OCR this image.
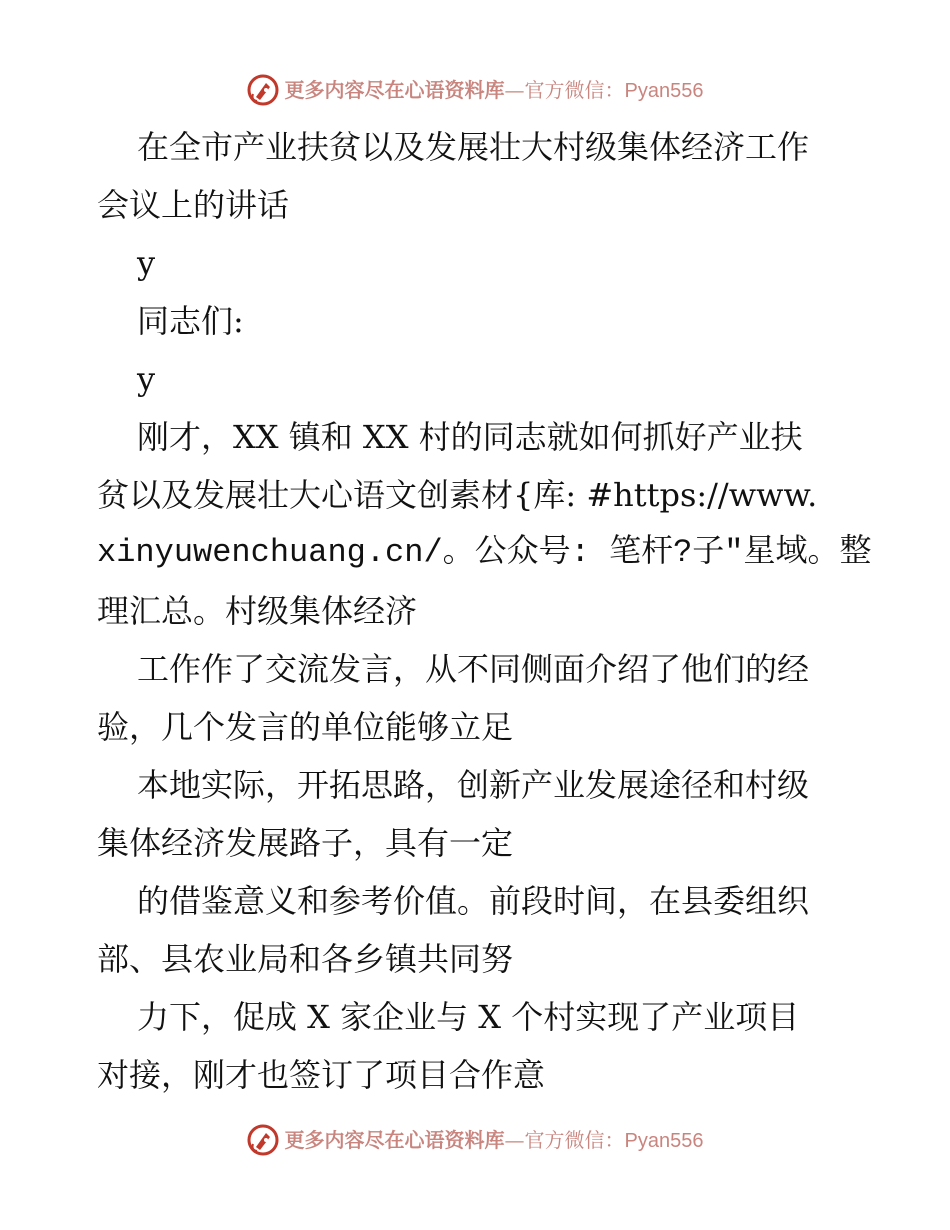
更多内容尽在心语资料库 — 官方微信： Pyan556

在全市产业扶贫以及发展壮大村级集体经济工作

会议上的讲话

y

同志们:

y

刚才，XX 镇和 XX 村的同志就如何抓好产业扶

贫以及发展壮大心语文创素材{库: #https://www.

xinyuwenchuang.cn/。公众号: 笔杆?子"星域。整

理汇总。村级集体经济

工作作了交流发言，从不同侧面介绍了他们的经

验，几个发言的单位能够立足

本地实际，开拓思路，创新产业发展途径和村级

集体经济发展路子，具有一定

的借鉴意义和参考价值。前段时间，在县委组织

部、县农业局和各乡镇共同努

力下，促成 X 家企业与 X 个村实现了产业项目

对接，刚才也签订了项目合作意

更多内容尽在心语资料库 — 官方微信： Pyan556
